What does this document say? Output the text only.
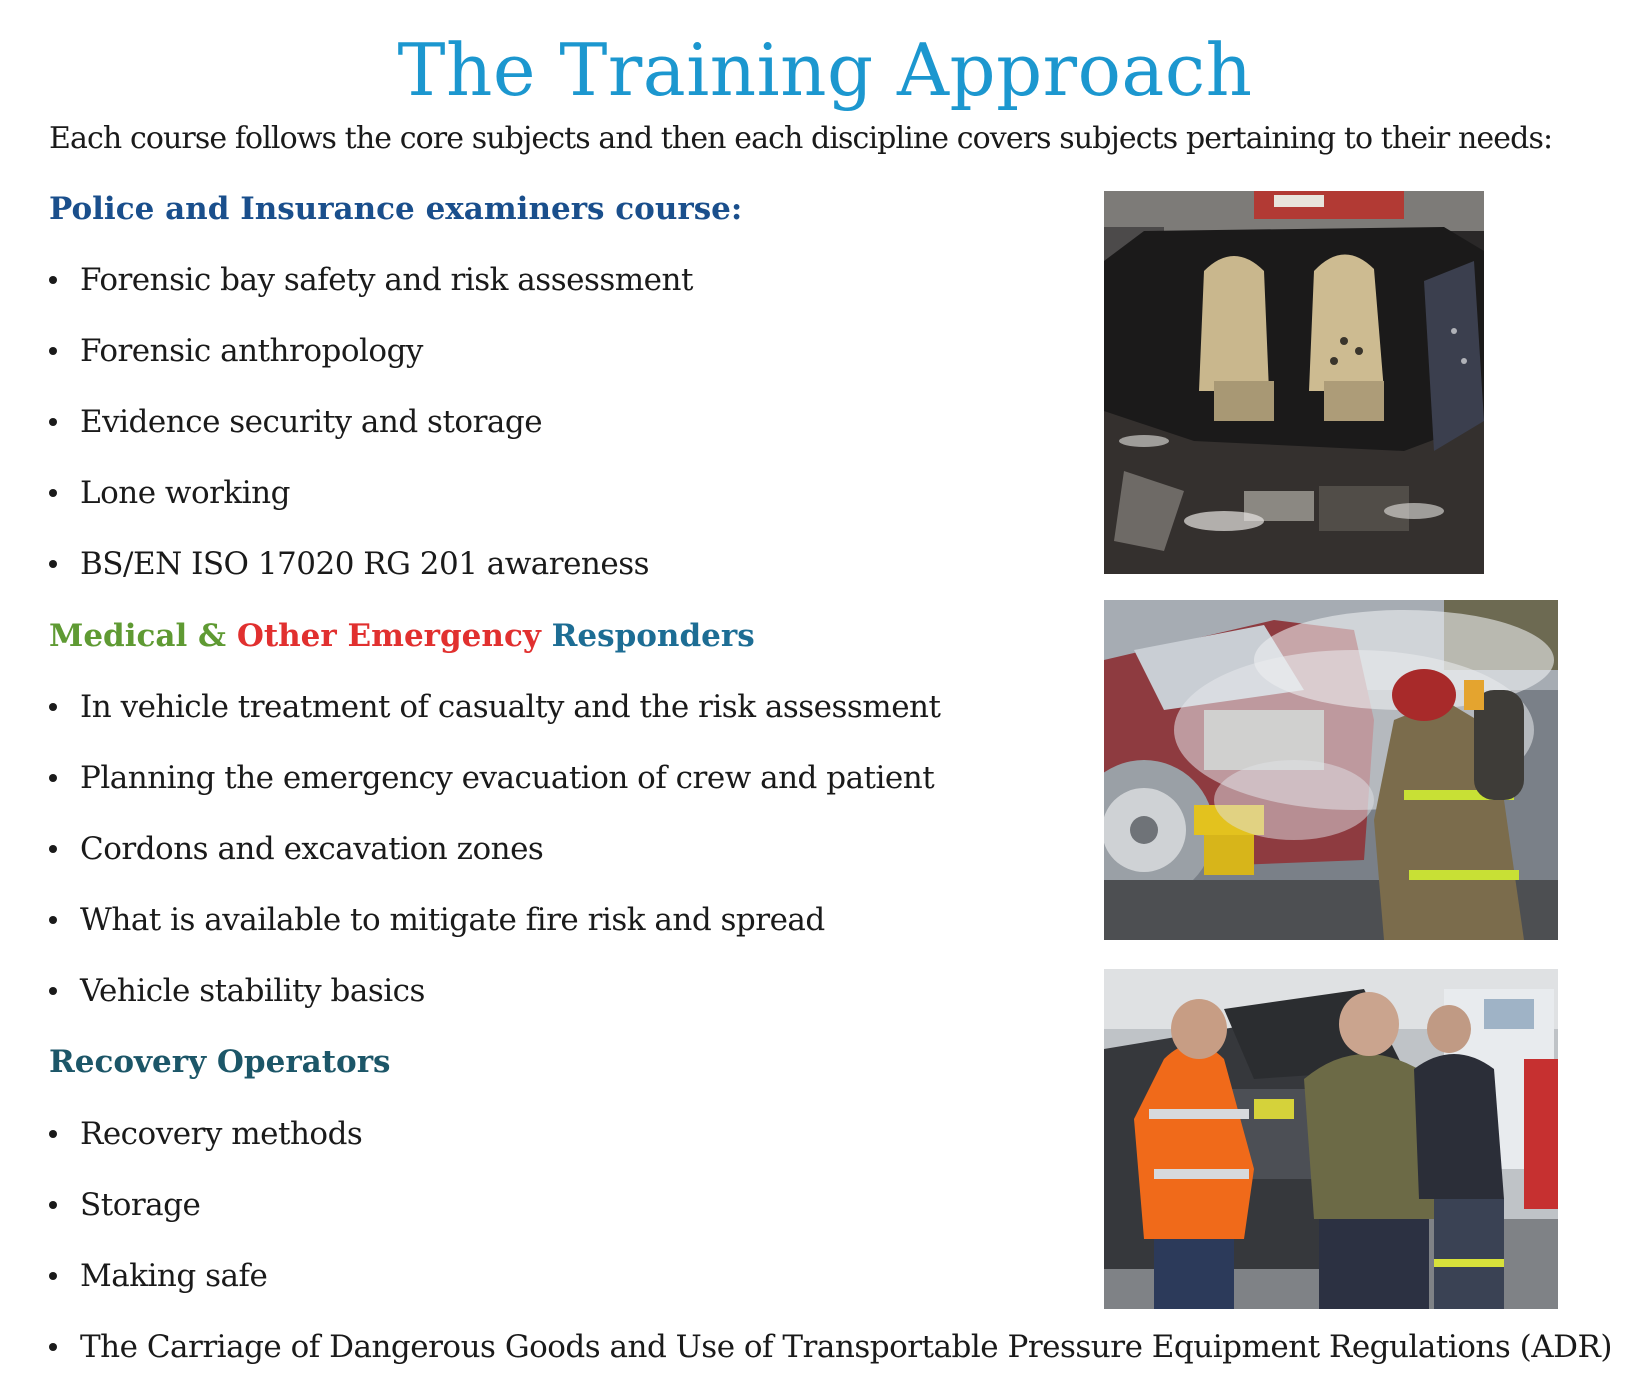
The Training Approach
Each course follows the core subjects and then each discipline covers subjects pertaining to their needs:
Police and Insurance examiners course:
Forensic bay safety and risk assessment
Forensic anthropology
Evidence security and storage
Lone working
BS/EN ISO 17020 RG 201 awareness
Medical & Other Emergency Responders
In vehicle treatment of casualty and the risk assessment
Planning the emergency evacuation of crew and patient
Cordons and excavation zones
What is available to mitigate fire risk and spread
Vehicle stability basics
Recovery Operators
Recovery methods
Storage
Making safe
The Carriage of Dangerous Goods and Use of Transportable Pressure Equipment Regulations (ADR)
